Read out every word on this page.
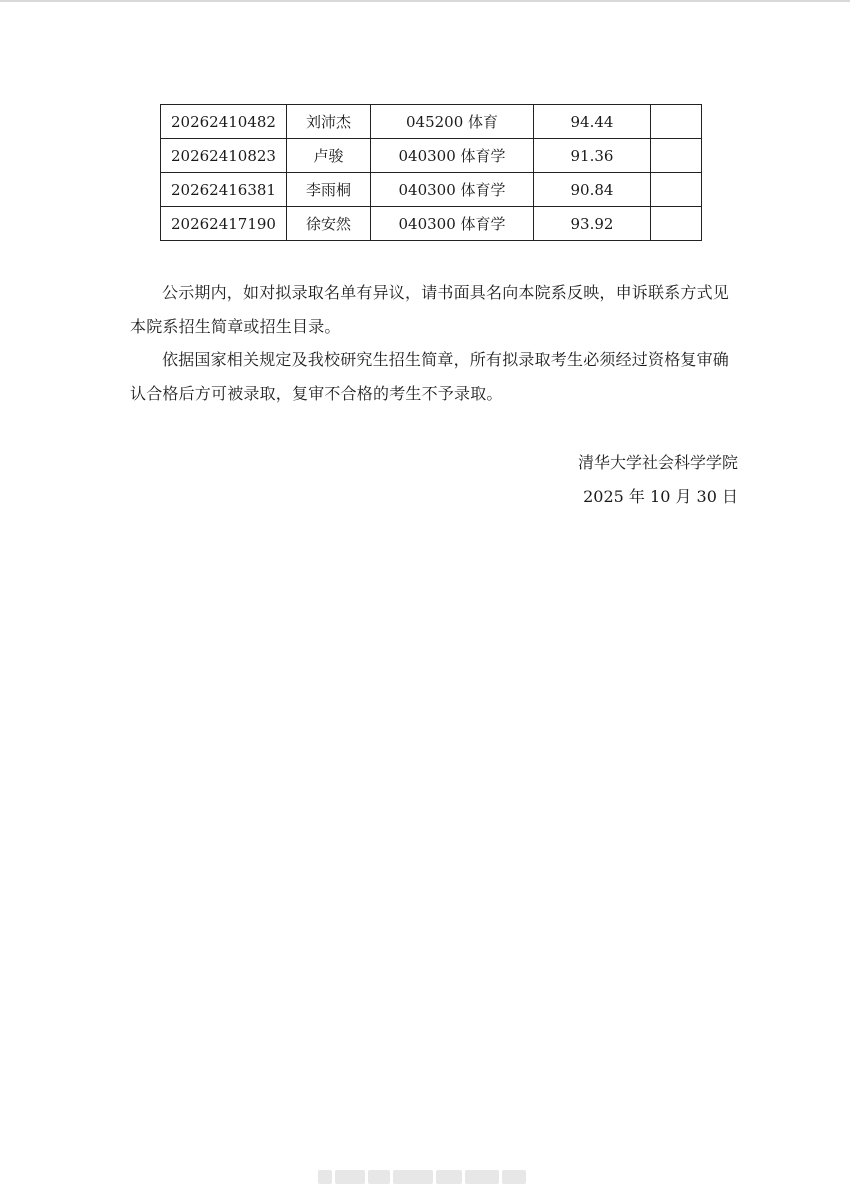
20262410482	刘沛杰	045200 体育	94.44	
20262410823	卢骏	040300 体育学	91.36	
20262416381	李雨桐	040300 体育学	90.84	
20262417190	徐安然	040300 体育学	93.92	

公示期内，如对拟录取名单有异议，请书面具名向本院系反映，申诉联系方式见本院系招生简章或招生目录。

依据国家相关规定及我校研究生招生简章，所有拟录取考生必须经过资格复审确认合格后方可被录取，复审不合格的考生不予录取。

清华大学社会科学学院
2025 年 10 月 30 日
